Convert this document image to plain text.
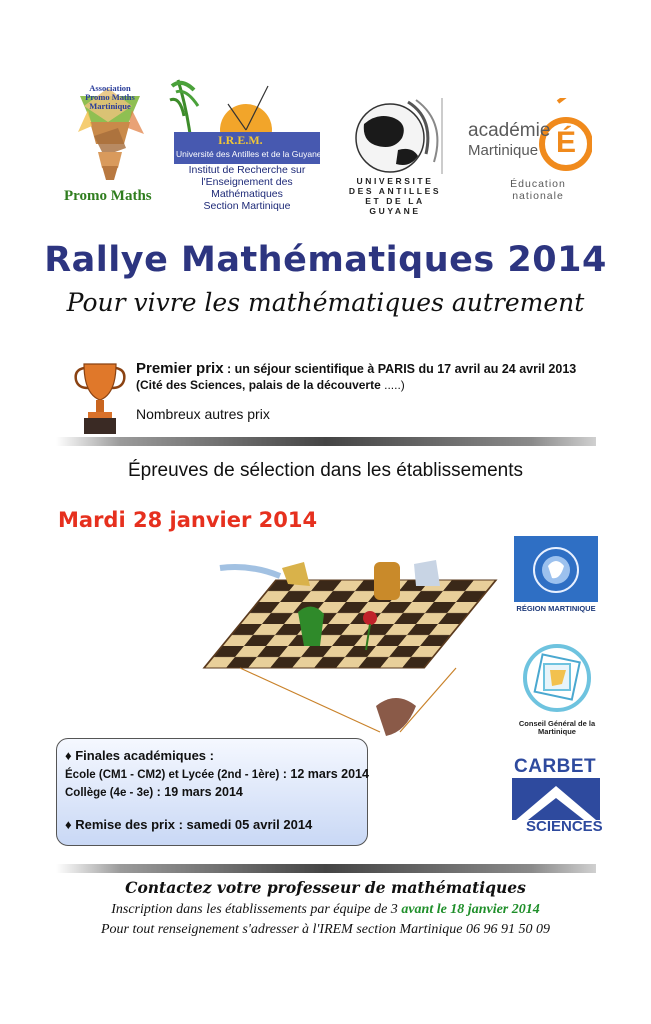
Association Promo Maths Martinique
Promo Maths
I.R.E.M.
Université des Antilles et de la Guyane
Institut de Recherche sur
l'Enseignement des
Mathématiques
Section Martinique
UNIVERSITE
DES ANTILLES
ET DE LA GUYANE
académie
Martinique É
Éducation
nationale
Rallye Mathématiques 2014
Pour vivre les mathématiques autrement
Premier prix : un séjour scientifique à PARIS du 17 avril au 24 avril 2013
(Cité des Sciences, palais de la découverte .....)
Nombreux autres prix
Épreuves de sélection dans les établissements
Mardi 28 janvier 2014
♦ Finales académiques :
École (CM1 - CM2) et Lycée (2nd - 1ère) : 12 mars 2014
Collège (4e - 3e) : 19 mars 2014
♦ Remise des prix : samedi 05 avril 2014
RÉGION MARTINIQUE
Conseil Général de la Martinique
CARBET
SCIENCES
Contactez votre professeur de mathématiques
Inscription dans les établissements par équipe de 3 avant le 18 janvier 2014
Pour tout renseignement s'adresser à l'IREM section Martinique 06 96 91 50 09
